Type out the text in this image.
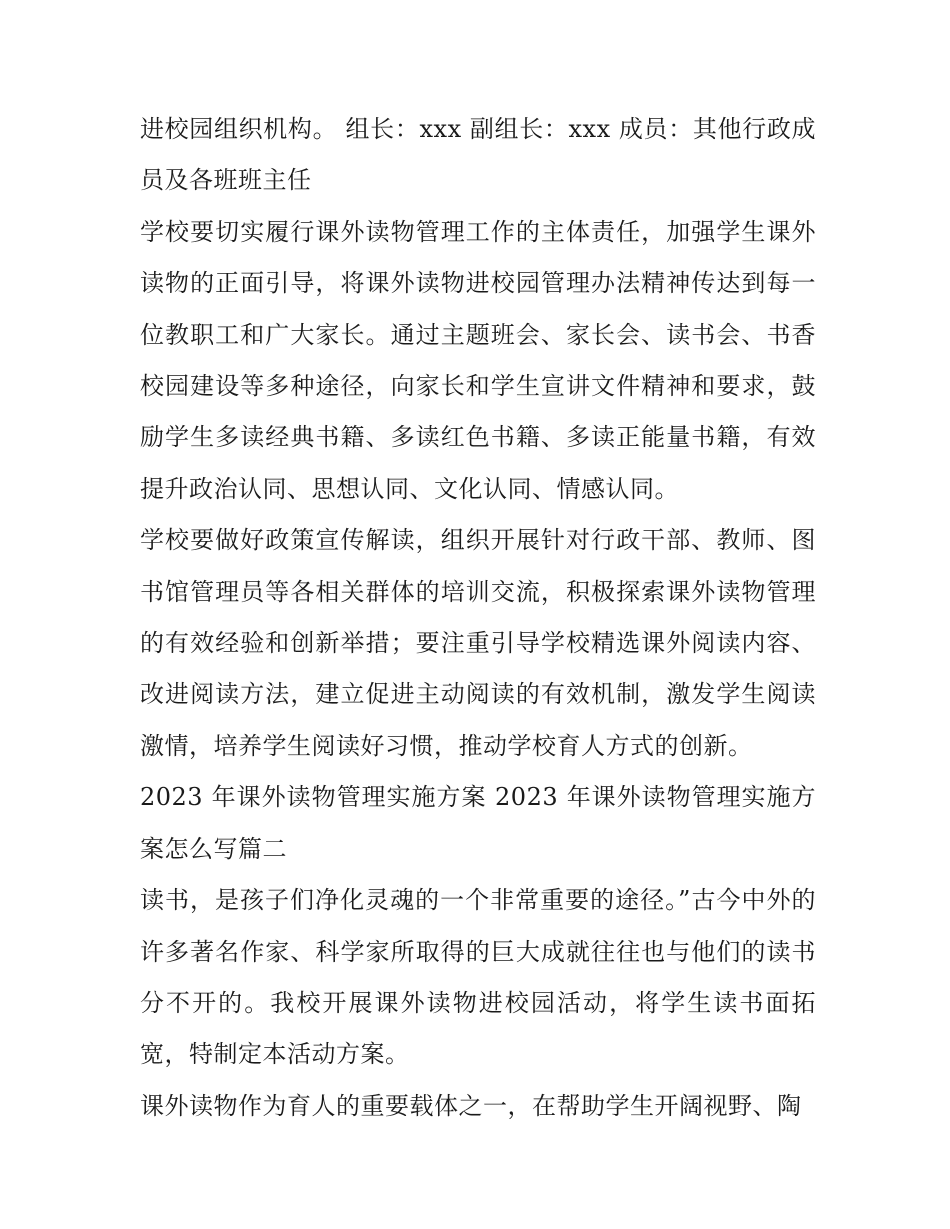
进校园组织机构。 组长：xxx 副组长：xxx 成员：其他行政成员及各班班主任

学校要切实履行课外读物管理工作的主体责任，加强学生课外读物的正面引导，将课外读物进校园管理办法精神传达到每一位教职工和广大家长。通过主题班会、家长会、读书会、书香校园建设等多种途径，向家长和学生宣讲文件精神和要求，鼓励学生多读经典书籍、多读红色书籍、多读正能量书籍，有效提升政治认同、思想认同、文化认同、情感认同。

学校要做好政策宣传解读，组织开展针对行政干部、教师、图书馆管理员等各相关群体的培训交流，积极探索课外读物管理的有效经验和创新举措；要注重引导学校精选课外阅读内容、改进阅读方法，建立促进主动阅读的有效机制，激发学生阅读激情，培养学生阅读好习惯，推动学校育人方式的创新。

2023 年课外读物管理实施方案 2023 年课外读物管理实施方案怎么写篇二

读书，是孩子们净化灵魂的一个非常重要的途径。”古今中外的许多著名作家、科学家所取得的巨大成就往往也与他们的读书分不开的。我校开展课外读物进校园活动，将学生读书面拓宽，特制定本活动方案。

课外读物作为育人的重要载体之一，在帮助学生开阔视野、陶
